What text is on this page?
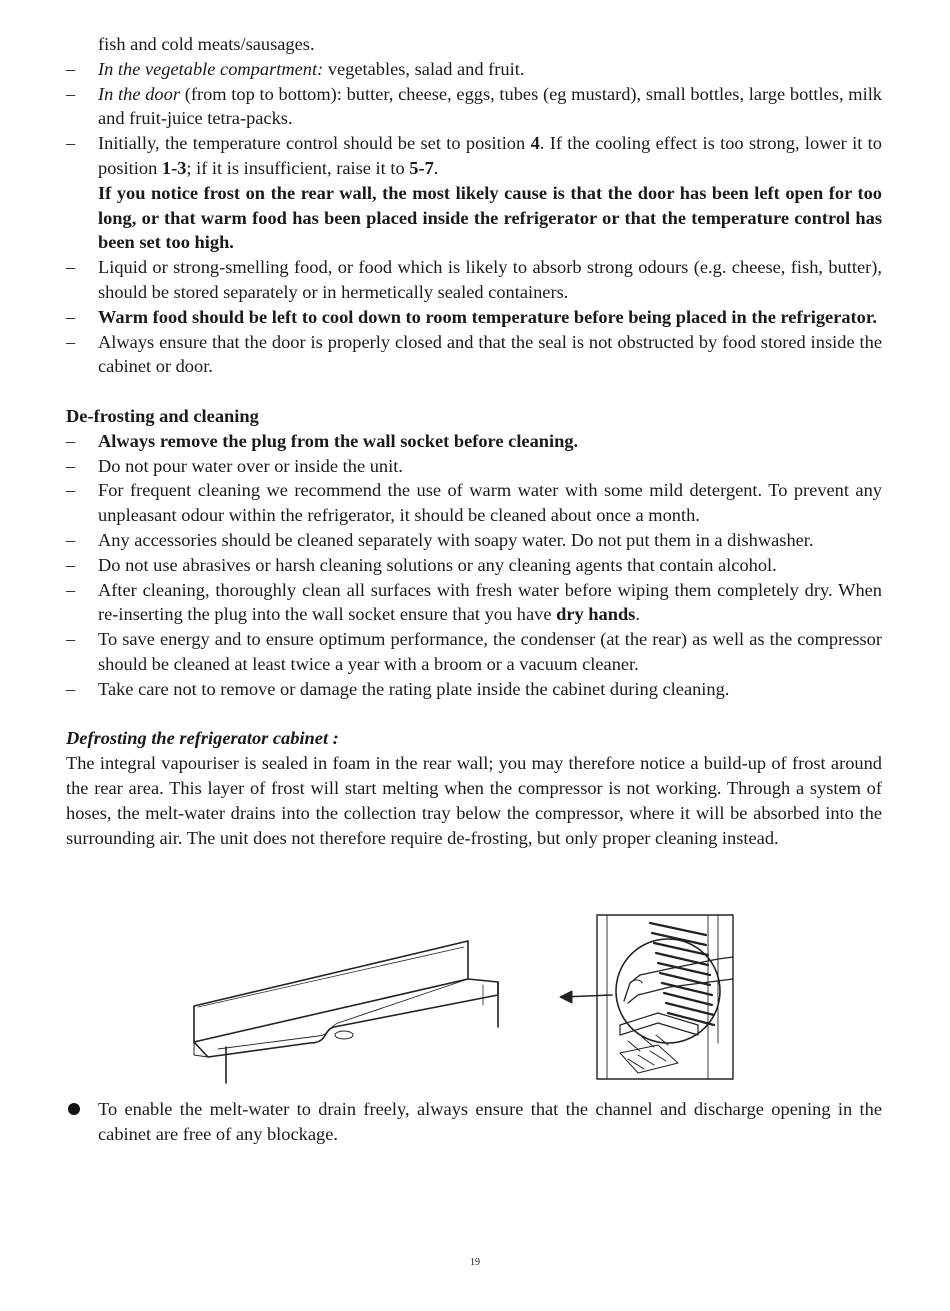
fish and cold meats/sausages.
– In the vegetable compartment: vegetables, salad and fruit.
– In the door (from top to bottom): butter, cheese, eggs, tubes (eg mustard), small bottles, large bottles, milk and fruit-juice tetra-packs.
– Initially, the temperature control should be set to position 4. If the cooling effect is too strong, lower it to position 1-3; if it is insufficient, raise it to 5-7.
If you notice frost on the rear wall, the most likely cause is that the door has been left open for too long, or that warm food has been placed inside the refrigerator or that the temperature control has been set too high.
– Liquid or strong-smelling food, or food which is likely to absorb strong odours (e.g. cheese, fish, butter), should be stored separately or in hermetically sealed containers.
– Warm food should be left to cool down to room temperature before being placed in the refrigerator.
– Always ensure that the door is properly closed and that the seal is not obstructed by food stored inside the cabinet or door.
De-frosting and cleaning
– Always remove the plug from the wall socket before cleaning.
– Do not pour water over or inside the unit.
– For frequent cleaning we recommend the use of warm water with some mild detergent. To prevent any unpleasant odour within the refrigerator, it should be cleaned about once a month.
– Any accessories should be cleaned separately with soapy water. Do not put them in a dishwasher.
– Do not use abrasives or harsh cleaning solutions or any cleaning agents that contain alcohol.
– After cleaning, thoroughly clean all surfaces with fresh water before wiping them completely dry. When re-inserting the plug into the wall socket ensure that you have dry hands.
– To save energy and to ensure optimum performance, the condenser (at the rear) as well as the compressor should be cleaned at least twice a year with a broom or a vacuum cleaner.
– Take care not to remove or damage the rating plate inside the cabinet during cleaning.
Defrosting the refrigerator cabinet :
The integral vapouriser is sealed in foam in the rear wall; you may therefore notice a build-up of frost around the rear area. This layer of frost will start melting when the compressor is not working. Through a system of hoses, the melt-water drains into the collection tray below the compressor, where it will be absorbed into the surrounding air. The unit does not therefore require de-frosting, but only proper cleaning instead.
To enable the melt-water to drain freely, always ensure that the channel and discharge opening in the cabinet are free of any blockage.
19
